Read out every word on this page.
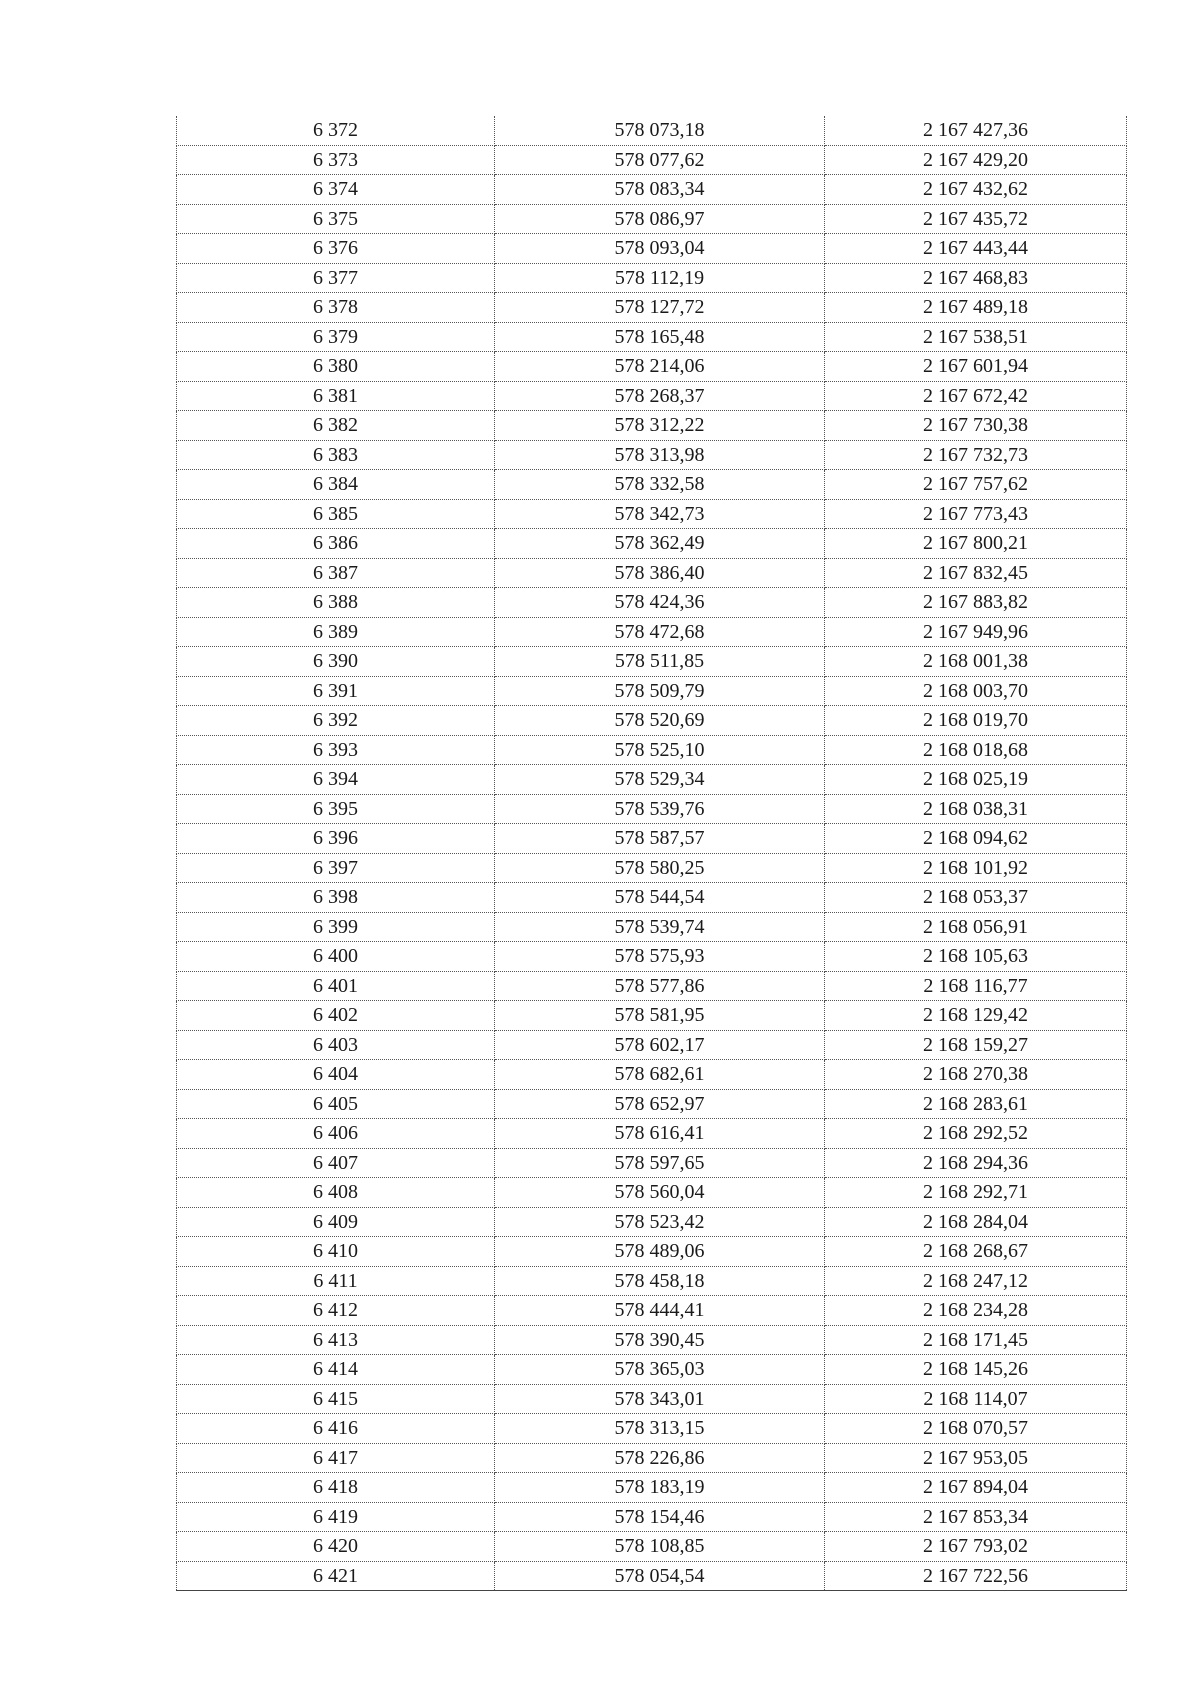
6 372	578 073,18	2 167 427,36
6 373	578 077,62	2 167 429,20
6 374	578 083,34	2 167 432,62
6 375	578 086,97	2 167 435,72
6 376	578 093,04	2 167 443,44
6 377	578 112,19	2 167 468,83
6 378	578 127,72	2 167 489,18
6 379	578 165,48	2 167 538,51
6 380	578 214,06	2 167 601,94
6 381	578 268,37	2 167 672,42
6 382	578 312,22	2 167 730,38
6 383	578 313,98	2 167 732,73
6 384	578 332,58	2 167 757,62
6 385	578 342,73	2 167 773,43
6 386	578 362,49	2 167 800,21
6 387	578 386,40	2 167 832,45
6 388	578 424,36	2 167 883,82
6 389	578 472,68	2 167 949,96
6 390	578 511,85	2 168 001,38
6 391	578 509,79	2 168 003,70
6 392	578 520,69	2 168 019,70
6 393	578 525,10	2 168 018,68
6 394	578 529,34	2 168 025,19
6 395	578 539,76	2 168 038,31
6 396	578 587,57	2 168 094,62
6 397	578 580,25	2 168 101,92
6 398	578 544,54	2 168 053,37
6 399	578 539,74	2 168 056,91
6 400	578 575,93	2 168 105,63
6 401	578 577,86	2 168 116,77
6 402	578 581,95	2 168 129,42
6 403	578 602,17	2 168 159,27
6 404	578 682,61	2 168 270,38
6 405	578 652,97	2 168 283,61
6 406	578 616,41	2 168 292,52
6 407	578 597,65	2 168 294,36
6 408	578 560,04	2 168 292,71
6 409	578 523,42	2 168 284,04
6 410	578 489,06	2 168 268,67
6 411	578 458,18	2 168 247,12
6 412	578 444,41	2 168 234,28
6 413	578 390,45	2 168 171,45
6 414	578 365,03	2 168 145,26
6 415	578 343,01	2 168 114,07
6 416	578 313,15	2 168 070,57
6 417	578 226,86	2 167 953,05
6 418	578 183,19	2 167 894,04
6 419	578 154,46	2 167 853,34
6 420	578 108,85	2 167 793,02
6 421	578 054,54	2 167 722,56
